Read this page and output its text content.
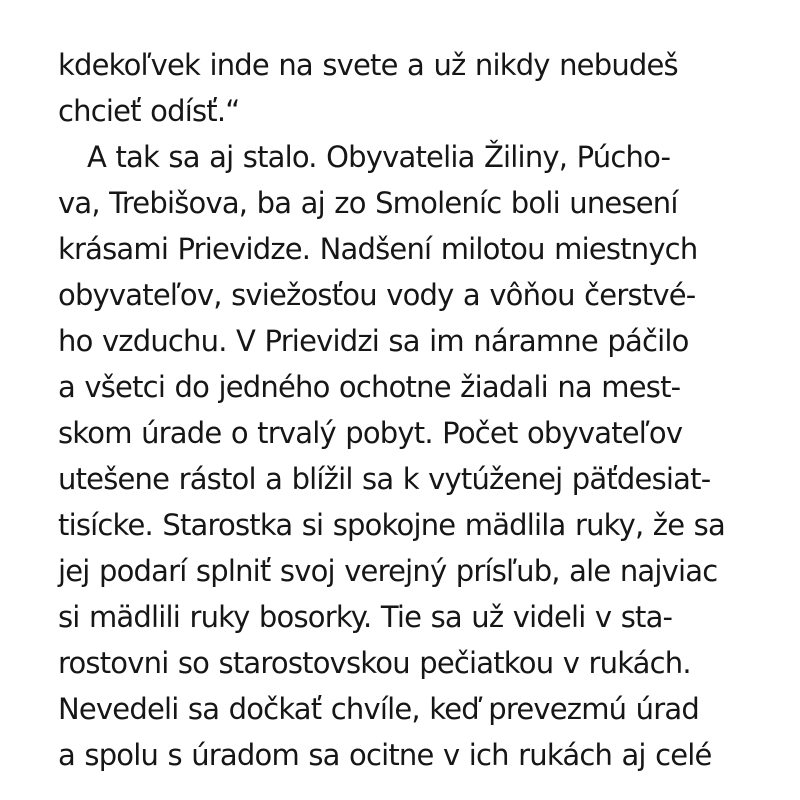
kdekoľvek inde na svete a už nikdy nebudeš
chcieť odísť.“
A tak sa aj stalo. Obyvatelia Žiliny, Púcho-
va, Trebišova, ba aj zo Smoleníc boli unesení
krásami Prievidze. Nadšení milotou miestnych
obyvateľov, sviežosťou vody a vôňou čerstvé-
ho vzduchu. V Prievidzi sa im náramne páčilo
a všetci do jedného ochotne žiadali na mest-
skom úrade o trvalý pobyt. Počet obyvateľov
utešene rástol a blížil sa k vytúženej päťdesiat-
tisícke. Starostka si spokojne mädlila ruky, že sa
jej podarí splniť svoj verejný prísľub, ale najviac
si mädlili ruky bosorky. Tie sa už videli v sta-
rostovni so starostovskou pečiatkou v rukách.
Nevedeli sa dočkať chvíle, keď prevezmú úrad
a spolu s úradom sa ocitne v ich rukách aj celé
